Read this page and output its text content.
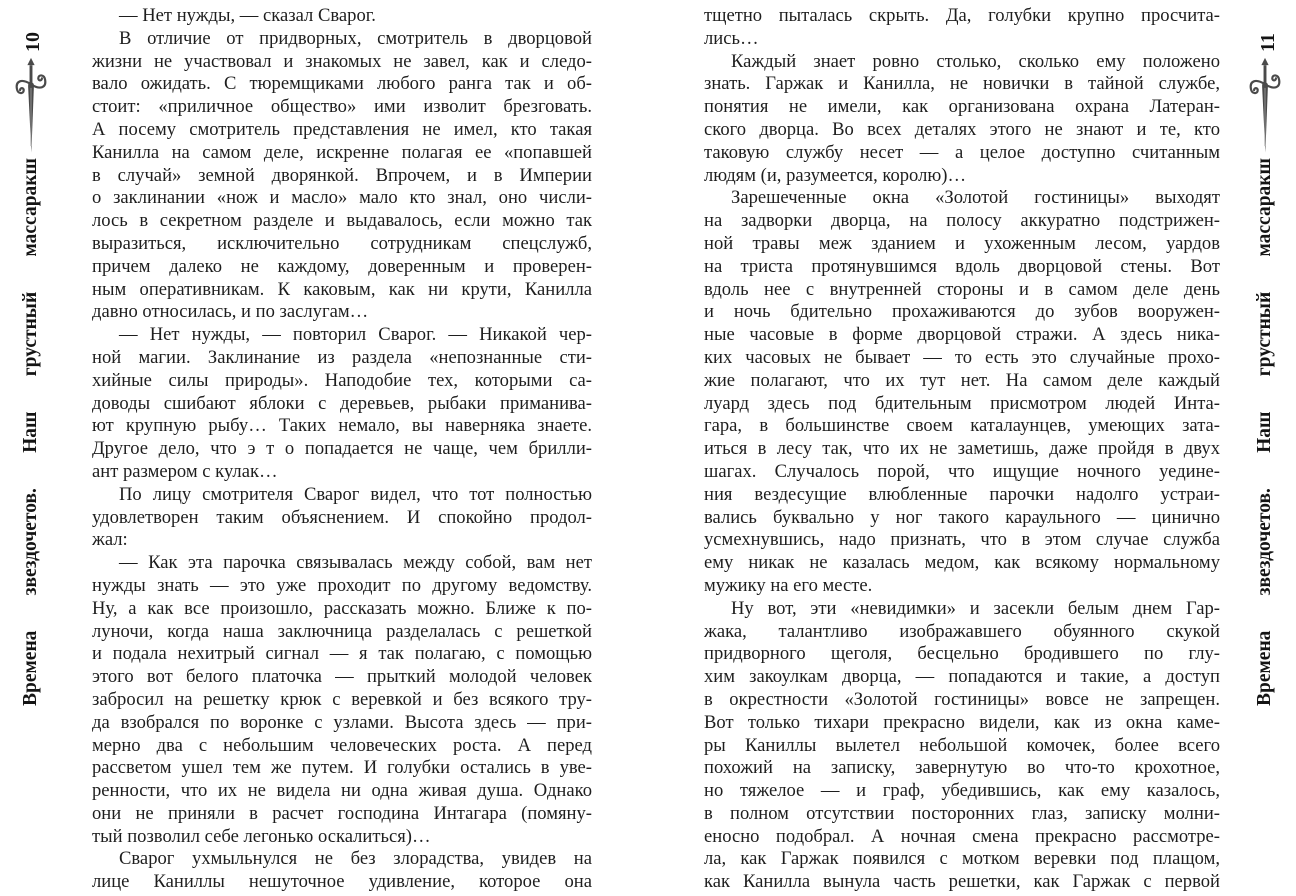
10
Времена звездочетов. Наш грустный массаракш
11
Времена звездочетов. Наш грустный массаракш
— Нет нужды, — сказал Сварог.
В отличие от придворных, смотритель в дворцовой
жизни не участвовал и знакомых не завел, как и следо-
вало ожидать. С тюремщиками любого ранга так и об-
стоит: «приличное общество» ими изволит брезговать.
А посему смотритель представления не имел, кто такая
Канилла на самом деле, искренне полагая ее «попавшей
в случай» земной дворянкой. Впрочем, и в Империи
о заклинании «нож и масло» мало кто знал, оно числи-
лось в секретном разделе и выдавалось, если можно так
выразиться, исключительно сотрудникам спецслужб,
причем далеко не каждому, доверенным и проверен-
ным оперативникам. К каковым, как ни крути, Канилла
давно относилась, и по заслугам…
— Нет нужды, — повторил Сварог. — Никакой чер-
ной магии. Заклинание из раздела «непознанные сти-
хийные силы природы». Наподобие тех, которыми са-
доводы сшибают яблоки с деревьев, рыбаки приманива-
ют крупную рыбу… Таких немало, вы наверняка знаете.
Другое дело, что э т о попадается не чаще, чем брилли-
ант размером с кулак…
По лицу смотрителя Сварог видел, что тот полностью
удовлетворен таким объяснением. И спокойно продол-
жал:
— Как эта парочка связывалась между собой, вам нет
нужды знать — это уже проходит по другому ведомству.
Ну, а как все произошло, рассказать можно. Ближе к по-
луночи, когда наша заключница разделалась с решеткой
и подала нехитрый сигнал — я так полагаю, с помощью
этого вот белого платочка — прыткий молодой человек
забросил на решетку крюк с веревкой и без всякого тру-
да взобрался по воронке с узлами. Высота здесь — при-
мерно два с небольшим человеческих роста. А перед
рассветом ушел тем же путем. И голубки остались в уве-
ренности, что их не видела ни одна живая душа. Однако
они не приняли в расчет господина Интагара (помяну-
тый позволил себе легонько оскалиться)…
Сварог ухмыльнулся не без злорадства, увидев на
лице Каниллы нешуточное удивление, которое она
тщетно пыталась скрыть. Да, голубки крупно просчита-
лись…
Каждый знает ровно столько, сколько ему положено
знать. Гаржак и Канилла, не новички в тайной службе,
понятия не имели, как организована охрана Латеран-
ского дворца. Во всех деталях этого не знают и те, кто
таковую службу несет — а целое доступно считанным
людям (и, разумеется, королю)…
Зарешеченные окна «Золотой гостиницы» выходят
на задворки дворца, на полосу аккуратно подстрижен-
ной травы меж зданием и ухоженным лесом, уардов
на триста протянувшимся вдоль дворцовой стены. Вот
вдоль нее с внутренней стороны и в самом деле день
и ночь бдительно прохаживаются до зубов вооружен-
ные часовые в форме дворцовой стражи. А здесь ника-
ких часовых не бывает — то есть это случайные прохо-
жие полагают, что их тут нет. На самом деле каждый
луард здесь под бдительным присмотром людей Инта-
гара, в большинстве своем каталаунцев, умеющих зата-
иться в лесу так, что их не заметишь, даже пройдя в двух
шагах. Случалось порой, что ищущие ночного уедине-
ния вездесущие влюбленные парочки надолго устраи-
вались буквально у ног такого караульного — цинично
усмехнувшись, надо признать, что в этом случае служба
ему никак не казалась медом, как всякому нормальному
мужику на его месте.
Ну вот, эти «невидимки» и засекли белым днем Гар-
жака, талантливо изображавшего обуянного скукой
придворного щеголя, бесцельно бродившего по глу-
хим закоулкам дворца, — попадаются и такие, а доступ
в окрестности «Золотой гостиницы» вовсе не запрещен.
Вот только тихари прекрасно видели, как из окна каме-
ры Каниллы вылетел небольшой комочек, более всего
похожий на записку, завернутую во что-то крохотное,
но тяжелое — и граф, убедившись, как ему казалось,
в полном отсутствии посторонних глаз, записку молни-
еносно подобрал. А ночная смена прекрасно рассмотре-
ла, как Гаржак появился с мотком веревки под плащом,
как Канилла вынула часть решетки, как Гаржак с первой
